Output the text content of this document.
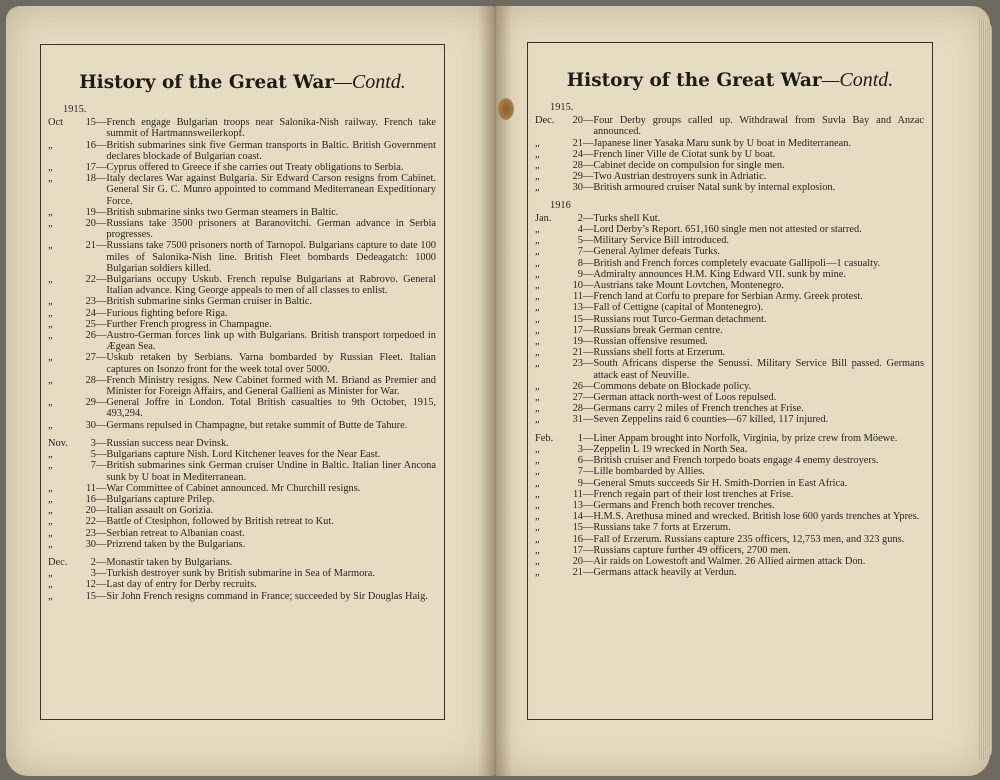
History of the Great War—Contd.
1915.
Oct	15 — French engage Bulgarian troops near Salonika-Nish railway. French take summit of Hartmannsweilerkopf.
„	16 — British submarines sink five German transports in Baltic. British Government declares blockade of Bulgarian coast.
„	17 — Cyprus offered to Greece if she carries out Treaty obligations to Serbia.
„	18 — Italy declares War against Bulgaria. Sir Edward Carson resigns from Cabinet. General Sir G. C. Munro appointed to command Mediterranean Expeditionary Force.
„	19 — British submarine sinks two German steamers in Baltic.
„	20 — Russians take 3500 prisoners at Baranovitchi. German advance in Serbia progresses.
„	21 — Russians take 7500 prisoners north of Tarnopol. Bulgarians capture to date 100 miles of Salonika-Nish line. British Fleet bombards Dedeagatch: 1000 Bulgarian soldiers killed.
„	22 — Bulgarians occupy Uskub. French repulse Bulgarians at Rabrovo. General Italian advance. King George appeals to men of all classes to enlist.
„	23 — British submarine sinks German cruiser in Baltic.
„	24 — Furious fighting before Riga.
„	25 — Further French progress in Champagne.
„	26 — Austro-German forces link up with Bulgarians. British transport torpedoed in Ægean Sea.
„	27 — Uskub retaken by Serbians. Varna bombarded by Russian Fleet. Italian captures on Isonzo front for the week total over 5000.
„	28 — French Ministry resigns. New Cabinet formed with M. Briand as Premier and Minister for Foreign Affairs, and General Gallieni as Minister for War.
„	29 — General Joffre in London. Total British casualties to 9th October, 1915, 493,294.
„	30 — Germans repulsed in Champagne, but retake summit of Butte de Tahure.
Nov.	3 — Russian success near Dvinsk.
„	5 — Bulgarians capture Nish. Lord Kitchener leaves for the Near East.
„	7 — British submarines sink German cruiser Undine in Baltic. Italian liner Ancona sunk by U boat in Mediterranean.
„	11 — War Committee of Cabinet announced. Mr Churchill resigns.
„	16 — Bulgarians capture Prilep.
„	20 — Italian assault on Gorizia.
„	22 — Battle of Ctesiphon, followed by British retreat to Kut.
„	23 — Serbian retreat to Albanian coast.
„	30 — Prizrend taken by the Bulgarians.
Dec.	2 — Monastir taken by Bulgarians.
„	3 — Turkish destroyer sunk by British submarine in Sea of Marmora.
„	12 — Last day of entry for Derby recruits.
„	15 — Sir John French resigns command in France; succeeded by Sir Douglas Haig.
History of the Great War—Contd.
1915.
Dec.	20 — Four Derby groups called up. Withdrawal from Suvla Bay and Anzac announced.
„	21 — Japanese liner Yasaka Maru sunk by U boat in Mediterranean.
„	24 — French liner Ville de Ciotat sunk by U boat.
„	28 — Cabinet decide on compulsion for single men.
„	29 — Two Austrian destroyers sunk in Adriatic.
„	30 — British armoured cruiser Natal sunk by internal explosion.
1916
Jan.	2 — Turks shell Kut.
„	4 — Lord Derby’s Report. 651,160 single men not attested or starred.
„	5 — Military Service Bill introduced.
„	7 — General Aylmer defeats Turks.
„	8 — British and French forces completely evacuate Gallipoli—1 casualty.
„	9 — Admiralty announces H.M. King Edward VII. sunk by mine.
„	10 — Austrians take Mount Lovtchen, Montenegro.
„	11 — French land at Corfu to prepare for Serbian Army. Greek protest.
„	13 — Fall of Cettigne (capital of Montenegro).
„	15 — Russians rout Turco-German detachment.
„	17 — Russians break German centre.
„	19 — Russian offensive resumed.
„	21 — Russians shell forts at Erzerum.
„	23 — South Africans disperse the Senussi. Military Service Bill passed. Germans attack east of Neuville.
„	26 — Commons debate on Blockade policy.
„	27 — German attack north-west of Loos repulsed.
„	28 — Germans carry 2 miles of French trenches at Frise.
„	31 — Seven Zeppelins raid 6 counties—67 killed, 117 injured.
Feb.	1 — Liner Appam brought into Norfolk, Virginia, by prize crew from Möewe.
„	3 — Zeppelin L 19 wrecked in North Sea.
„	6 — British cruiser and French torpedo boats engage 4 enemy destroyers.
„	7 — Lille bombarded by Allies.
„	9 — General Smuts succeeds Sir H. Smith-Dorrien in East Africa.
„	11 — French regain part of their lost trenches at Frise.
„	13 — Germans and French both recover trenches.
„	14 — H.M.S. Arethusa mined and wrecked. British lose 600 yards trenches at Ypres.
„	15 — Russians take 7 forts at Erzerum.
„	16 — Fall of Erzerum. Russians capture 235 officers, 12,753 men, and 323 guns.
„	17 — Russians capture further 49 officers, 2700 men.
„	20 — Air raids on Lowestoft and Walmer. 26 Allied airmen attack Don.
„	21 — Germans attack heavily at Verdun.
